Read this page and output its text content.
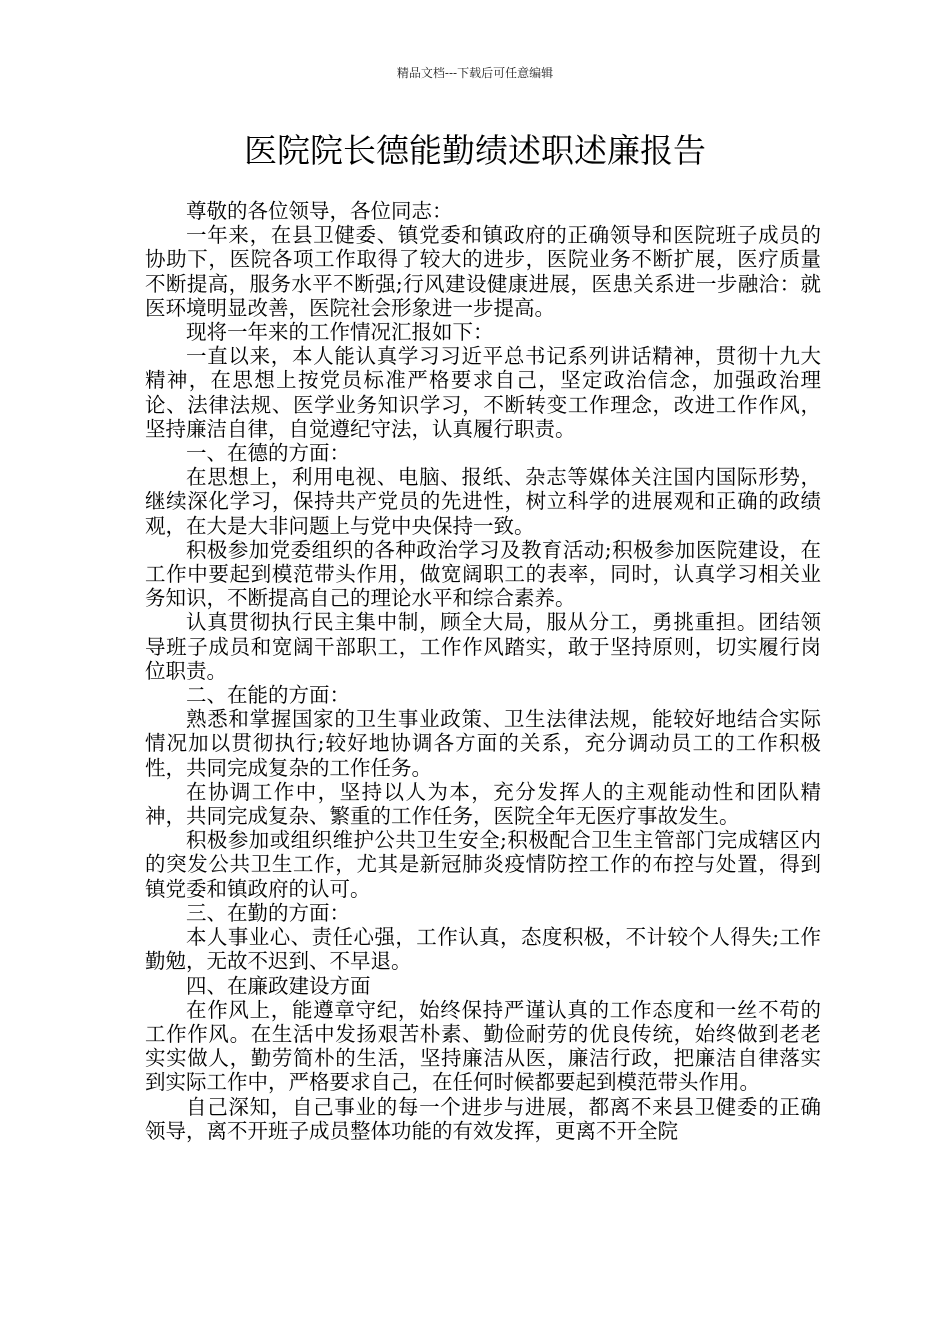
精品文档---下载后可任意编辑
医院院长德能勤绩述职述廉报告

尊敬的各位领导，各位同志：

一年来，在县卫健委、镇党委和镇政府的正确领导和医院班子成员的协助下，医院各项工作取得了较大的进步，医院业务不断扩展，医疗质量不断提高，服务水平不断强;行风建设健康进展，医患关系进一步融洽：就医环境明显改善，医院社会形象进一步提高。

现将一年来的工作情况汇报如下：

一直以来，本人能认真学习习近平总书记系列讲话精神，贯彻十九大精神，在思想上按党员标准严格要求自己，坚定政治信念，加强政治理论、法律法规、医学业务知识学习，不断转变工作理念，改进工作作风，坚持廉洁自律，自觉遵纪守法，认真履行职责。

一、在德的方面：

在思想上，利用电视、电脑、报纸、杂志等媒体关注国内国际形势，继续深化学习，保持共产党员的先进性，树立科学的进展观和正确的政绩观，在大是大非问题上与党中央保持一致。

积极参加党委组织的各种政治学习及教育活动;积极参加医院建设，在工作中要起到模范带头作用，做宽阔职工的表率，同时，认真学习相关业务知识，不断提高自己的理论水平和综合素养。

认真贯彻执行民主集中制，顾全大局，服从分工，勇挑重担。团结领导班子成员和宽阔干部职工，工作作风踏实，敢于坚持原则，切实履行岗位职责。

二、在能的方面：

熟悉和掌握国家的卫生事业政策、卫生法律法规，能较好地结合实际情况加以贯彻执行;较好地协调各方面的关系，充分调动员工的工作积极性，共同完成复杂的工作任务。

在协调工作中，坚持以人为本，充分发挥人的主观能动性和团队精神，共同完成复杂、繁重的工作任务，医院全年无医疗事故发生。

积极参加或组织维护公共卫生安全;积极配合卫生主管部门完成辖区内的突发公共卫生工作，尤其是新冠肺炎疫情防控工作的布控与处置，得到镇党委和镇政府的认可。

三、在勤的方面：

本人事业心、责任心强，工作认真，态度积极，不计较个人得失;工作勤勉，无故不迟到、不早退。

四、在廉政建设方面

在作风上，能遵章守纪，始终保持严谨认真的工作态度和一丝不苟的工作作风。在生活中发扬艰苦朴素、勤俭耐劳的优良传统，始终做到老老实实做人，勤劳简朴的生活，坚持廉洁从医，廉洁行政，把廉洁自律落实到实际工作中，严格要求自己，在任何时候都要起到模范带头作用。

自己深知，自己事业的每一个进步与进展，都离不来县卫健委的正确领导，离不开班子成员整体功能的有效发挥，更离不开全院
